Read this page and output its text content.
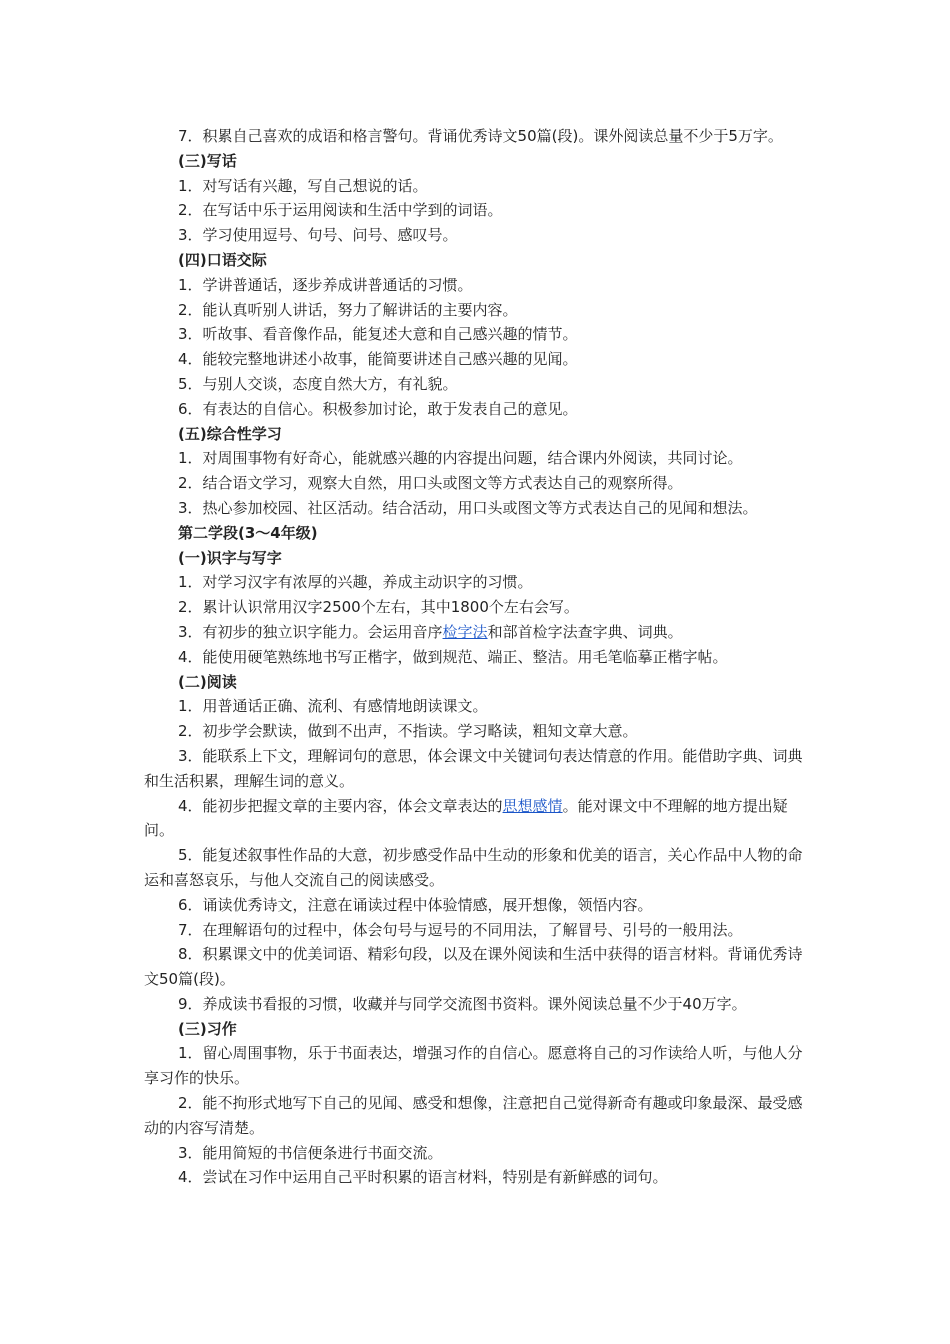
7．积累自己喜欢的成语和格言警句。背诵优秀诗文50篇(段)。课外阅读总量不少于5万字。

(三)写话

1．对写话有兴趣，写自己想说的话。

2．在写话中乐于运用阅读和生活中学到的词语。

3．学习使用逗号、句号、问号、感叹号。

(四)口语交际

1．学讲普通话，逐步养成讲普通话的习惯。

2．能认真听别人讲话，努力了解讲话的主要内容。

3．听故事、看音像作品，能复述大意和自己感兴趣的情节。

4．能较完整地讲述小故事，能简要讲述自己感兴趣的见闻。

5．与别人交谈，态度自然大方，有礼貌。

6．有表达的自信心。积极参加讨论，敢于发表自己的意见。

(五)综合性学习

1．对周围事物有好奇心，能就感兴趣的内容提出问题，结合课内外阅读，共同讨论。

2．结合语文学习，观察大自然，用口头或图文等方式表达自己的观察所得。

3．热心参加校园、社区活动。结合活动，用口头或图文等方式表达自己的见闻和想法。

第二学段(3～4年级)

(一)识字与写字

1．对学习汉字有浓厚的兴趣，养成主动识字的习惯。

2．累计认识常用汉字2500个左右，其中1800个左右会写。

3．有初步的独立识字能力。会运用音序检字法和部首检字法查字典、词典。

4．能使用硬笔熟练地书写正楷字，做到规范、端正、整洁。用毛笔临摹正楷字帖。

(二)阅读

1．用普通话正确、流利、有感情地朗读课文。

2．初步学会默读，做到不出声，不指读。学习略读，粗知文章大意。

3．能联系上下文，理解词句的意思，体会课文中关键词句表达情意的作用。能借助字典、词典和生活积累，理解生词的意义。

4．能初步把握文章的主要内容，体会文章表达的思想感情。能对课文中不理解的地方提出疑问。

5．能复述叙事性作品的大意，初步感受作品中生动的形象和优美的语言，关心作品中人物的命运和喜怒哀乐，与他人交流自己的阅读感受。

6．诵读优秀诗文，注意在诵读过程中体验情感，展开想像，领悟内容。

7．在理解语句的过程中，体会句号与逗号的不同用法，了解冒号、引号的一般用法。

8．积累课文中的优美词语、精彩句段，以及在课外阅读和生活中获得的语言材料。背诵优秀诗文50篇(段)。

9．养成读书看报的习惯，收藏并与同学交流图书资料。课外阅读总量不少于40万字。

(三)习作

1．留心周围事物，乐于书面表达，增强习作的自信心。愿意将自己的习作读给人听，与他人分享习作的快乐。

2．能不拘形式地写下自己的见闻、感受和想像，注意把自己觉得新奇有趣或印象最深、最受感动的内容写清楚。

3．能用简短的书信便条进行书面交流。

4．尝试在习作中运用自己平时积累的语言材料，特别是有新鲜感的词句。
